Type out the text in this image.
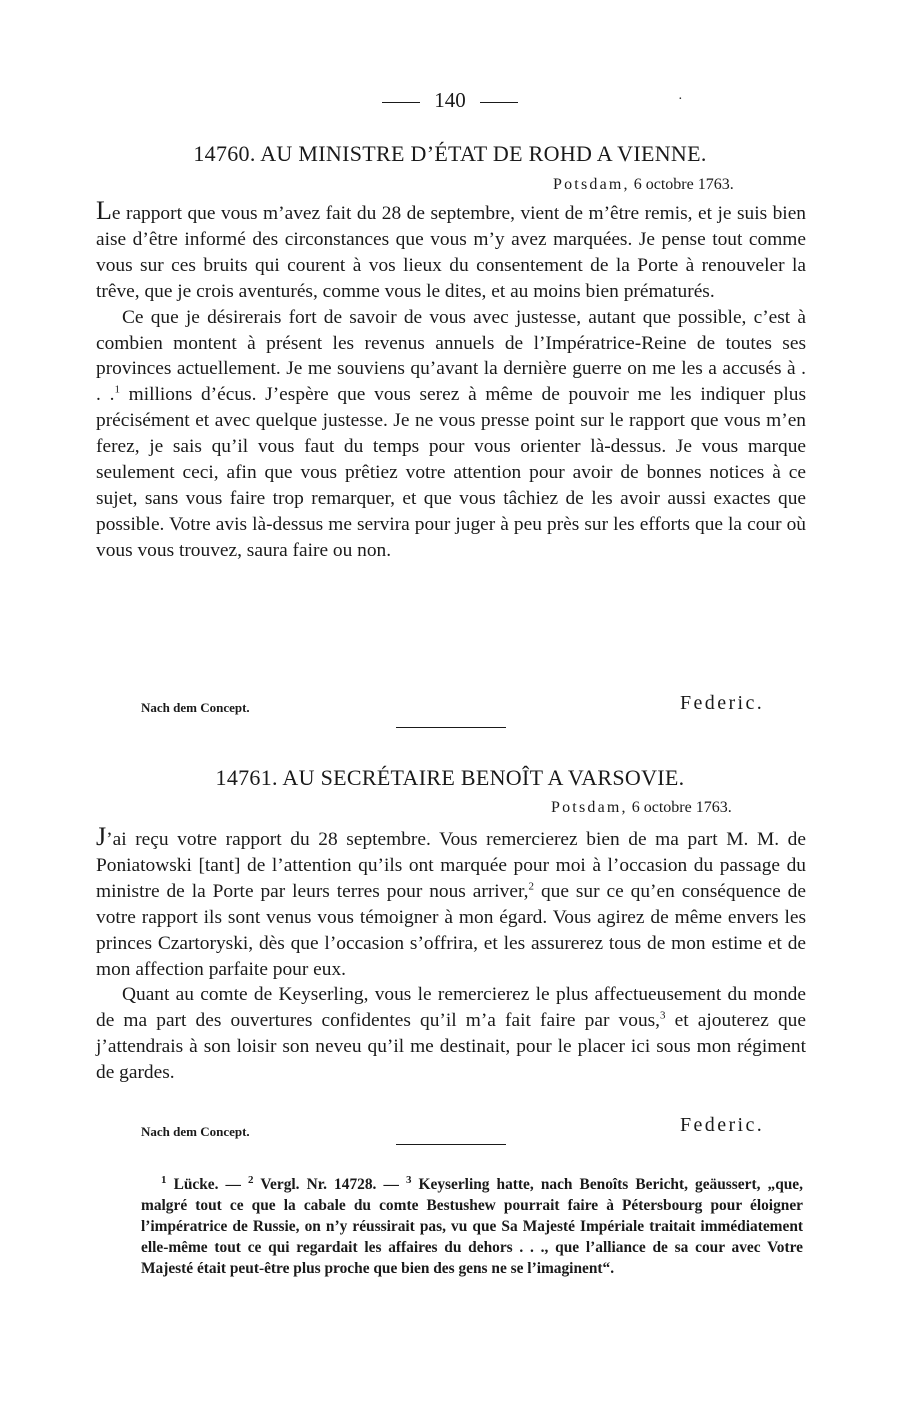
140	·
14760. AU MINISTRE D’ÉTAT DE ROHD A VIENNE.
Potsdam, 6 octobre 1763.

Le rapport que vous m’avez fait du 28 de septembre, vient de m’être remis, et je suis bien aise d’être informé des circonstances que vous m’y avez marquées. Je pense tout comme vous sur ces bruits qui courent à vos lieux du consentement de la Porte à renouveler la trêve, que je crois aventurés, comme vous le dites, et au moins bien prématurés.

Ce que je désirerais fort de savoir de vous avec justesse, autant que possible, c’est à combien montent à présent les revenus annuels de l’Impératrice-Reine de toutes ses provinces actuellement. Je me souviens qu’avant la dernière guerre on me les a accusés à . . .$^1$ millions d’écus. J’espère que vous serez à même de pouvoir me les indiquer plus précisément et avec quelque justesse. Je ne vous presse point sur le rapport que vous m’en ferez, je sais qu’il vous faut du temps pour vous orienter là-dessus. Je vous marque seulement ceci, afin que vous prêtiez votre attention pour avoir de bonnes notices à ce sujet, sans vous faire trop remarquer, et que vous tâchiez de les avoir aussi exactes que possible. Votre avis là-dessus me servira pour juger à peu près sur les efforts que la cour où vous vous trouvez, saura faire ou non.

Nach dem Concept.	Federic.
14761. AU SECRÉTAIRE BENOÎT A VARSOVIE.
Potsdam, 6 octobre 1763.

J’ai reçu votre rapport du 28 septembre. Vous remercierez bien de ma part M. M. de Poniatowski [tant] de l’attention qu’ils ont marquée pour moi à l’occasion du passage du ministre de la Porte par leurs terres pour nous arriver,$^2$ que sur ce qu’en conséquence de votre rapport ils sont venus vous témoigner à mon égard. Vous agirez de même envers les princes Czartoryski, dès que l’occasion s’offrira, et les assurerez tous de mon estime et de mon affection parfaite pour eux.

Quant au comte de Keyserling, vous le remercierez le plus affectueusement du monde de ma part des ouvertures confidentes qu’il m’a fait faire par vous,$^3$ et ajouterez que j’attendrais à son loisir son neveu qu’il me destinait, pour le placer ici sous mon régiment de gardes.

Nach dem Concept.	Federic.

$^1$ Lücke. — $^2$ Vergl. Nr. 14728. — $^3$ Keyserling hatte, nach Benoîts Bericht, geäussert, „que, malgré tout ce que la cabale du comte Bestushew pourrait faire à Pétersbourg pour éloigner l’impératrice de Russie, on n’y réussirait pas, vu que Sa Majesté Impériale traitait immédiatement elle-même tout ce qui regardait les affaires du dehors . . ., que l’alliance de sa cour avec Votre Majesté était peut-être plus proche que bien des gens ne se l’imaginent“.
